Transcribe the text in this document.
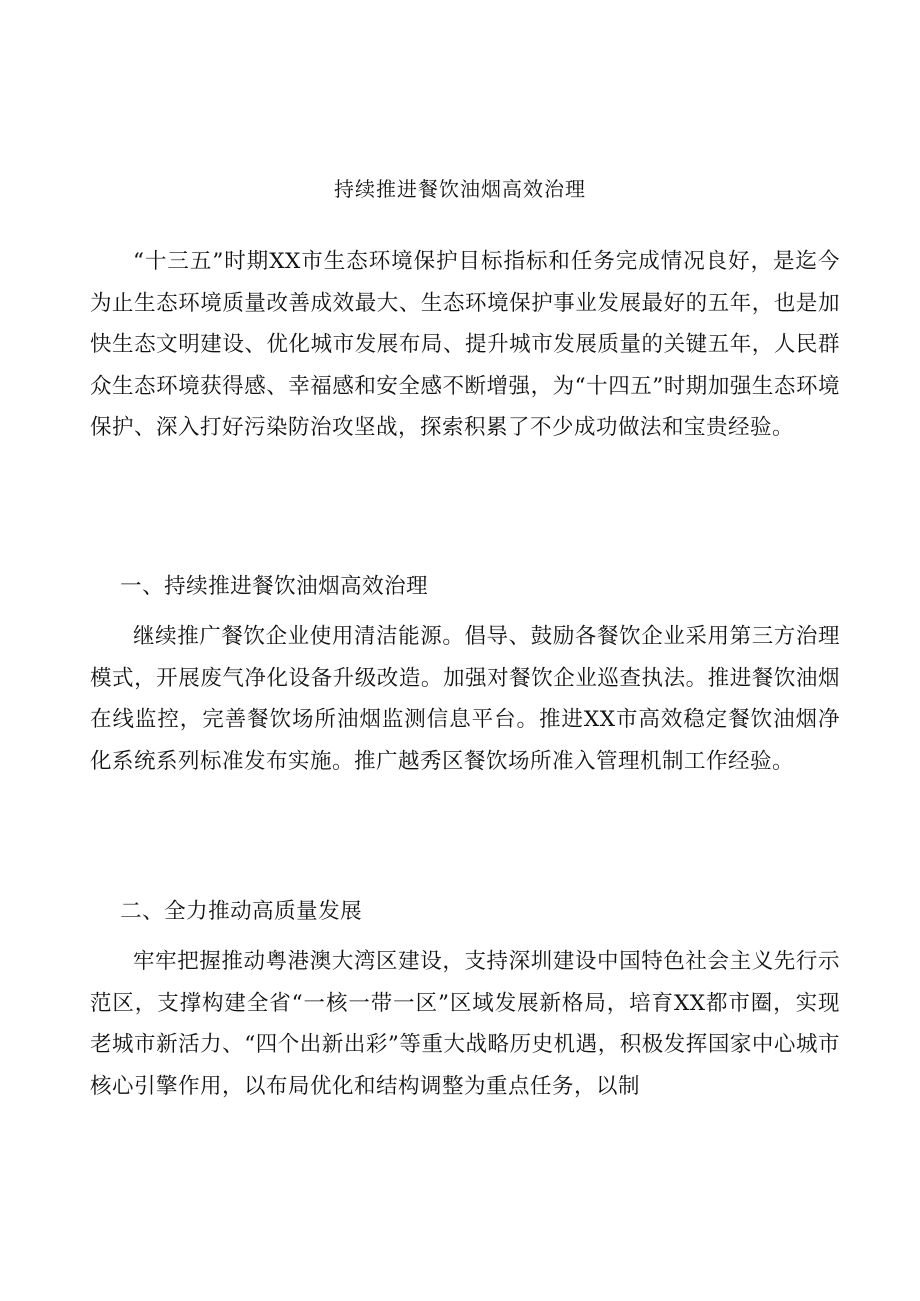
持续推进餐饮油烟高效治理

“十三五”时期XX市生态环境保护目标指标和任务完成情况良好，是迄今为止生态环境质量改善成效最大、生态环境保护事业发展最好的五年，也是加快生态文明建设、优化城市发展布局、提升城市发展质量的关键五年，人民群众生态环境获得感、幸福感和安全感不断增强，为“十四五”时期加强生态环境保护、深入打好污染防治攻坚战，探索积累了不少成功做法和宝贵经验。

一、持续推进餐饮油烟高效治理

继续推广餐饮企业使用清洁能源。倡导、鼓励各餐饮企业采用第三方治理模式，开展废气净化设备升级改造。加强对餐饮企业巡查执法。推进餐饮油烟在线监控，完善餐饮场所油烟监测信息平台。推进XX市高效稳定餐饮油烟净化系统系列标准发布实施。推广越秀区餐饮场所准入管理机制工作经验。

二、全力推动高质量发展

牢牢把握推动粤港澳大湾区建设，支持深圳建设中国特色社会主义先行示范区，支撑构建全省“一核一带一区”区域发展新格局，培育XX都市圈，实现老城市新活力、“四个出新出彩”等重大战略历史机遇，积极发挥国家中心城市核心引擎作用，以布局优化和结构调整为重点任务，以制
